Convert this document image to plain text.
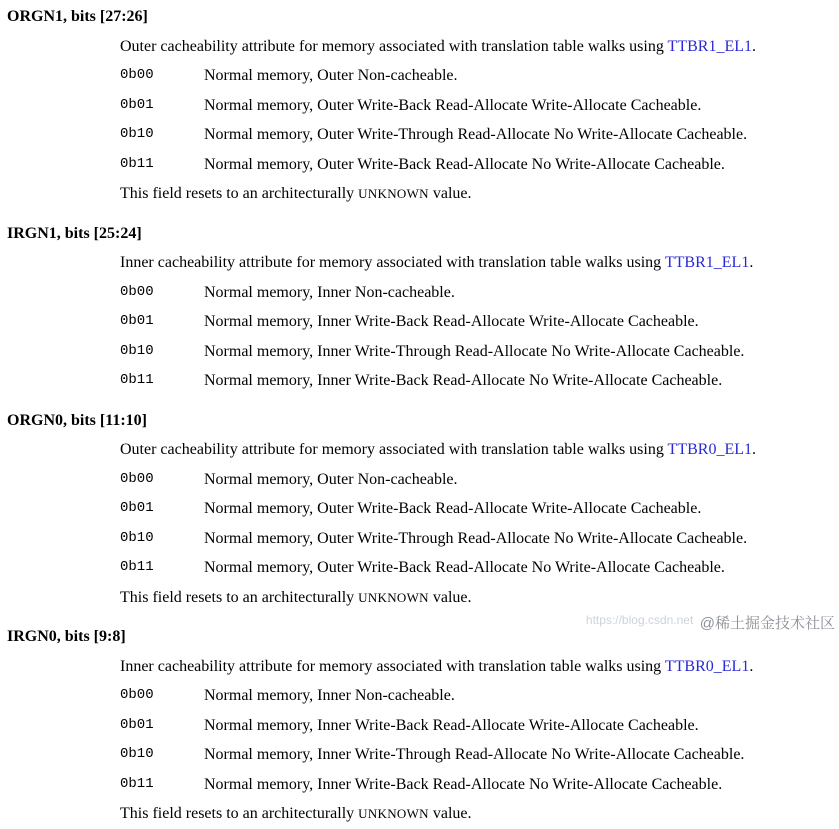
ORGN1, bits [27:26]

Outer cacheability attribute for memory associated with translation table walks using TTBR1_EL1.

0b00	Normal memory, Outer Non-cacheable.
0b01	Normal memory, Outer Write-Back Read-Allocate Write-Allocate Cacheable.
0b10	Normal memory, Outer Write-Through Read-Allocate No Write-Allocate Cacheable.
0b11	Normal memory, Outer Write-Back Read-Allocate No Write-Allocate Cacheable.

This field resets to an architecturally UNKNOWN value.

IRGN1, bits [25:24]

Inner cacheability attribute for memory associated with translation table walks using TTBR1_EL1.

0b00	Normal memory, Inner Non-cacheable.
0b01	Normal memory, Inner Write-Back Read-Allocate Write-Allocate Cacheable.
0b10	Normal memory, Inner Write-Through Read-Allocate No Write-Allocate Cacheable.
0b11	Normal memory, Inner Write-Back Read-Allocate No Write-Allocate Cacheable.
ORGN0, bits [11:10]

Outer cacheability attribute for memory associated with translation table walks using TTBR0_EL1.

0b00	Normal memory, Outer Non-cacheable.
0b01	Normal memory, Outer Write-Back Read-Allocate Write-Allocate Cacheable.
0b10	Normal memory, Outer Write-Through Read-Allocate No Write-Allocate Cacheable.
0b11	Normal memory, Outer Write-Back Read-Allocate No Write-Allocate Cacheable.

This field resets to an architecturally UNKNOWN value.

IRGN0, bits [9:8]

Inner cacheability attribute for memory associated with translation table walks using TTBR0_EL1.

0b00	Normal memory, Inner Non-cacheable.
0b01	Normal memory, Inner Write-Back Read-Allocate Write-Allocate Cacheable.
0b10	Normal memory, Inner Write-Through Read-Allocate No Write-Allocate Cacheable.
0b11	Normal memory, Inner Write-Back Read-Allocate No Write-Allocate Cacheable.

This field resets to an architecturally UNKNOWN value.

https://blog.csdn.net @稀土掘金技术社区
